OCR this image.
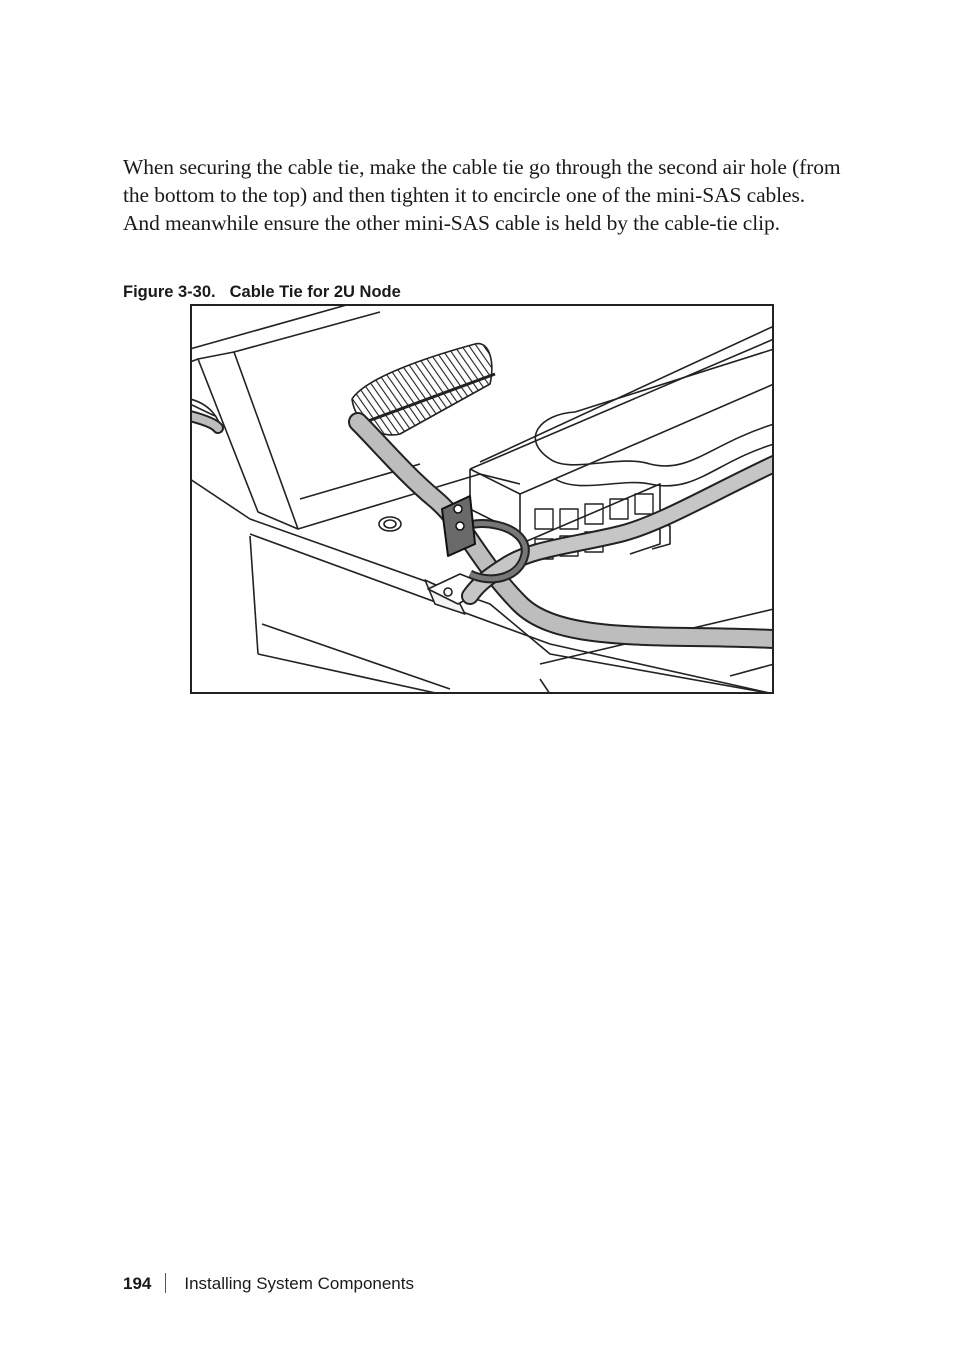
When securing the cable tie, make the cable tie go through the second air hole (from the bottom to the top) and then tighten it to encircle one of the mini-SAS cables. And meanwhile ensure the other mini-SAS cable is held by the cable-tie clip.

Figure 3-30. Cable Tie for 2U Node
194 Installing System Components
